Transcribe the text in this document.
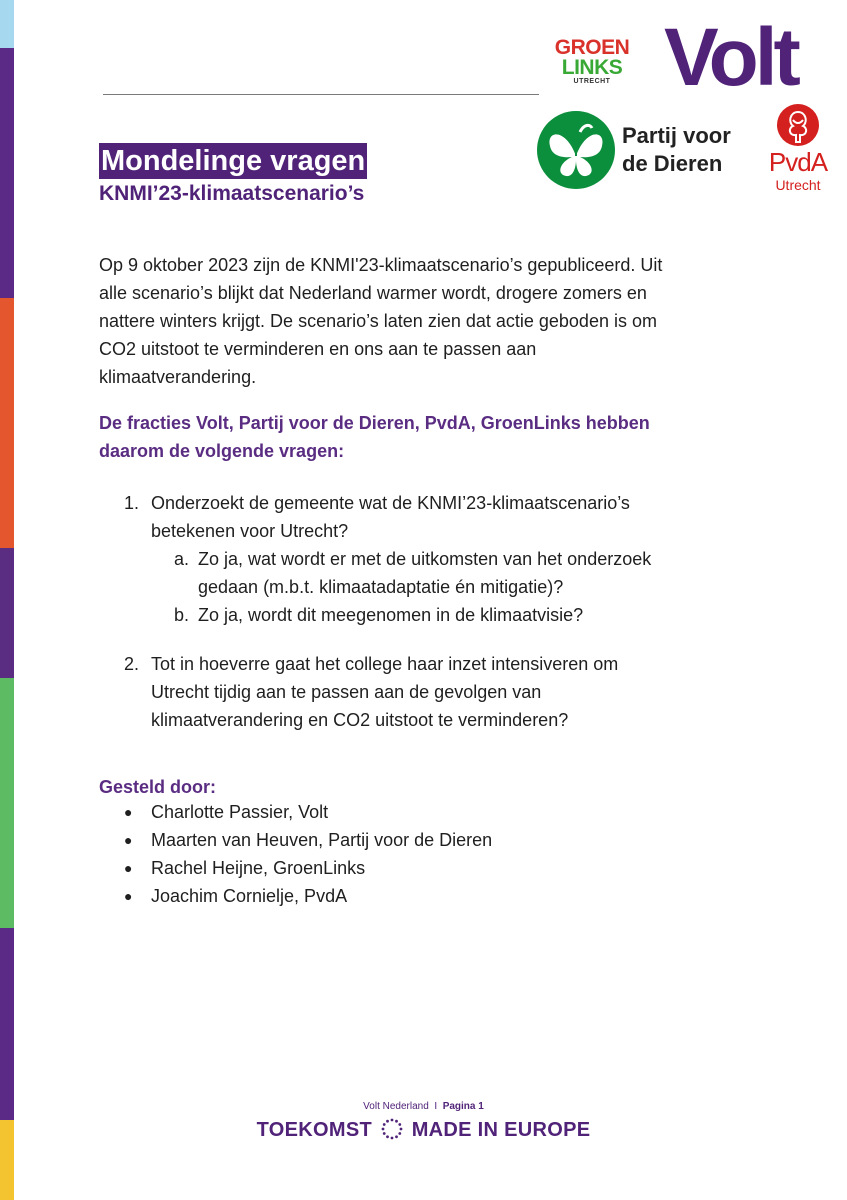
GROEN
LINKS
UTRECHT Volt
Partij voor
de Dieren	PvdA
Utrecht
Mondelinge vragen
KNMI’23-klimaatscenario’s
Op 9 oktober 2023 zijn de KNMI'23-klimaatscenario’s gepubliceerd. Uit
alle scenario’s blijkt dat Nederland warmer wordt, drogere zomers en
nattere winters krijgt. De scenario’s laten zien dat actie geboden is om
CO2 uitstoot te verminderen en ons aan te passen aan
klimaatverandering.
De fracties Volt, Partij voor de Dieren, PvdA, GroenLinks hebben
daarom de volgende vragen:
1. Onderzoekt de gemeente wat de KNMI’23-klimaatscenario’s
betekenen voor Utrecht?
a. Zo ja, wat wordt er met de uitkomsten van het onderzoek
gedaan (m.b.t. klimaatadaptatie én mitigatie)?
b. Zo ja, wordt dit meegenomen in de klimaatvisie?
2. Tot in hoeverre gaat het college haar inzet intensiveren om
Utrecht tijdig aan te passen aan de gevolgen van
klimaatverandering en CO2 uitstoot te verminderen?
Gesteld door:
● Charlotte Passier, Volt
● Maarten van Heuven, Partij voor de Dieren
● Rachel Heijne, GroenLinks
● Joachim Cornielje, PvdA
Volt Nederland I Pagina 1
TOEKOMST MADE IN EUROPE
